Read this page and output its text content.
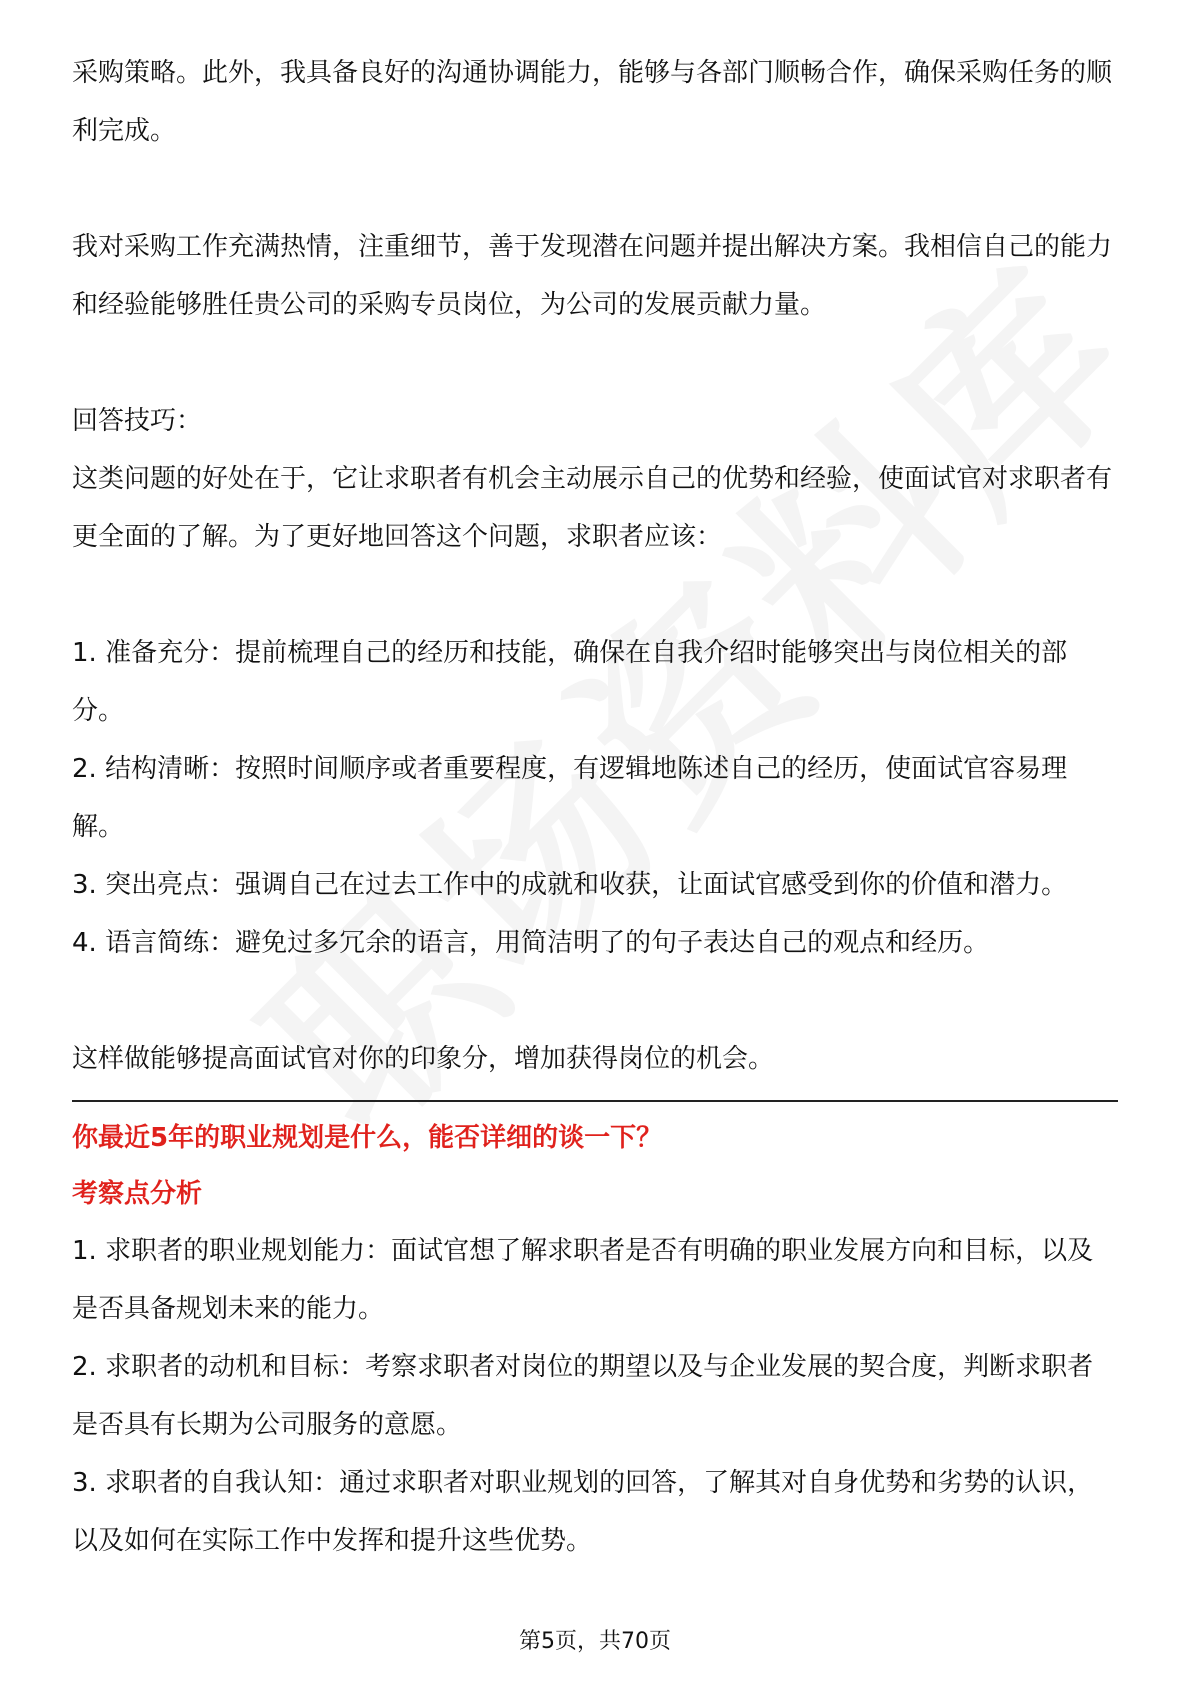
采购策略。此外，我具备良好的沟通协调能力，能够与各部门顺畅合作，确保采购任务的顺利完成。

我对采购工作充满热情，注重细节，善于发现潜在问题并提出解决方案。我相信自己的能力和经验能够胜任贵公司的采购专员岗位，为公司的发展贡献力量。

回答技巧：

这类问题的好处在于，它让求职者有机会主动展示自己的优势和经验，使面试官对求职者有更全面的了解。为了更好地回答这个问题，求职者应该：

1. 准备充分：提前梳理自己的经历和技能，确保在自我介绍时能够突出与岗位相关的部分。

2. 结构清晰：按照时间顺序或者重要程度，有逻辑地陈述自己的经历，使面试官容易理解。

3. 突出亮点：强调自己在过去工作中的成就和收获，让面试官感受到你的价值和潜力。

4. 语言简练：避免过多冗余的语言，用简洁明了的句子表达自己的观点和经历。

这样做能够提高面试官对你的印象分，增加获得岗位的机会。

你最近5年的职业规划是什么，能否详细的谈一下？

考察点分析

1. 求职者的职业规划能力：面试官想了解求职者是否有明确的职业发展方向和目标，以及是否具备规划未来的能力。

2. 求职者的动机和目标：考察求职者对岗位的期望以及与企业发展的契合度，判断求职者是否具有长期为公司服务的意愿。

3. 求职者的自我认知：通过求职者对职业规划的回答，了解其对自身优势和劣势的认识，以及如何在实际工作中发挥和提升这些优势。

第5页，共70页
